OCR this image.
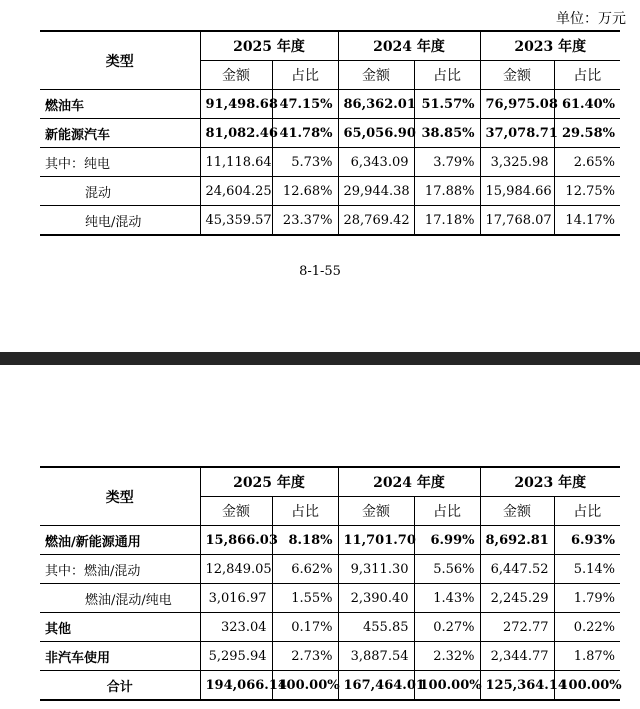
单位：万元
类型	2025 年度		2024 年度		2023 年度	
	金额	占比	金额	占比	金额	占比
燃油车	91,498.68	47.15%	86,362.01	51.57%	76,975.08	61.40%
新能源汽车	81,082.46	41.78%	65,056.90	38.85%	37,078.71	29.58%
其中：纯电	11,118.64	5.73%	6,343.09	3.79%	3,325.98	2.65%
混动	24,604.25	12.68%	29,944.38	17.88%	15,984.66	12.75%
纯电/混动	45,359.57	23.37%	28,769.42	17.18%	17,768.07	14.17%
8-1-55
类型	2025 年度		2024 年度		2023 年度	
	金额	占比	金额	占比	金额	占比
燃油/新能源通用	15,866.03	8.18%	11,701.70	6.99%	8,692.81	6.93%
其中：燃油/混动	12,849.05	6.62%	9,311.30	5.56%	6,447.52	5.14%
燃油/混动/纯电	3,016.97	1.55%	2,390.40	1.43%	2,245.29	1.79%
其他	323.04	0.17%	455.85	0.27%	272.77	0.22%
非汽车使用	5,295.94	2.73%	3,887.54	2.32%	2,344.77	1.87%
合计	194,066.14	100.00%	167,464.01	100.00%	125,364.14	100.00%
